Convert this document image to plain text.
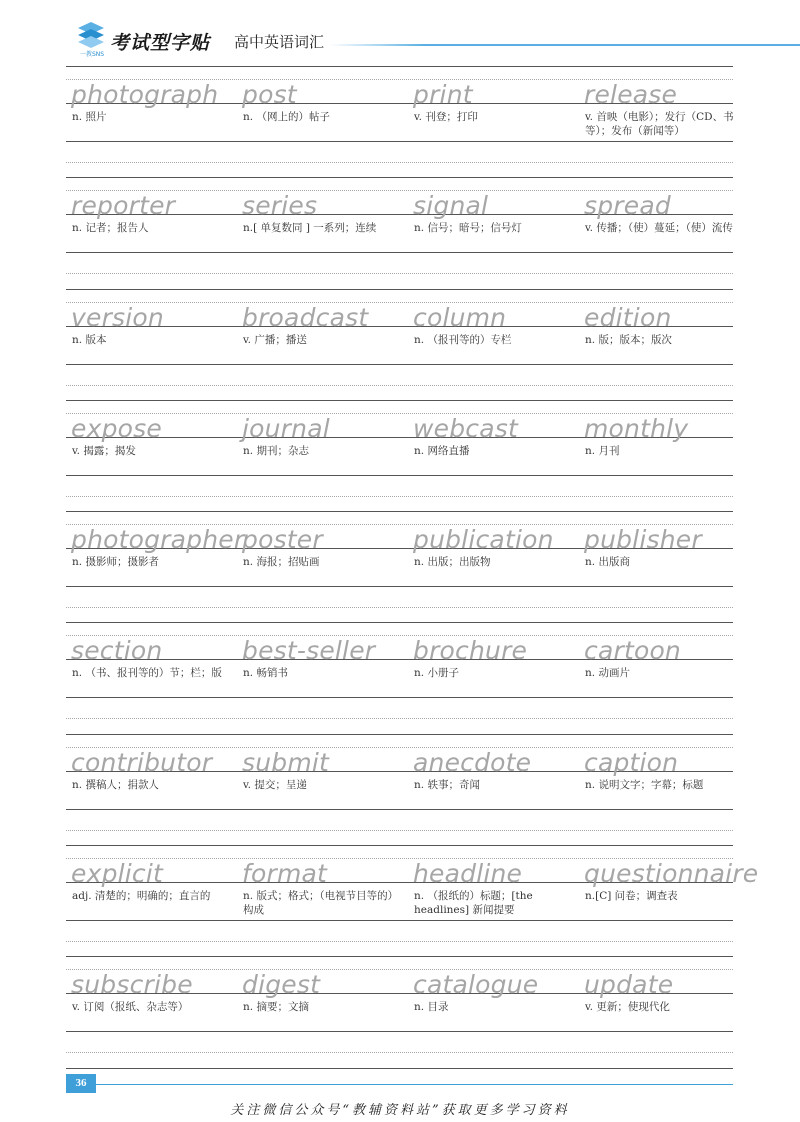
一教SNS
考试型字贴 高中英语词汇
photograph
n. 照片
post
n. （网上的）帖子
print
v. 刊登；打印
release
v. 首映（电影）；发行（CD、书等）；发布（新闻等）
reporter
n. 记者；报告人
series
n.[ 单复数同 ] 一系列；连续
signal
n. 信号；暗号；信号灯
spread
v. 传播；（使）蔓延；（使）流传
version
n. 版本
broadcast
v. 广播；播送
column
n. （报刊等的）专栏
edition
n. 版；版本；版次
expose
v. 揭露；揭发
journal
n. 期刊；杂志
webcast
n. 网络直播
monthly
n. 月刊
photographer
n. 摄影师；摄影者
poster
n. 海报；招贴画
publication
n. 出版；出版物
publisher
n. 出版商
section
n. （书、报刊等的）节；栏；版
best-seller
n. 畅销书
brochure
n. 小册子
cartoon
n. 动画片
contributor
n. 撰稿人；捐款人
submit
v. 提交；呈递
anecdote
n. 轶事；奇闻
caption
n. 说明文字；字幕；标题
explicit
adj. 清楚的；明确的；直言的
format
n. 版式；格式；（电视节目等的）构成
headline
n. （报纸的）标题；[the headlines] 新闻提要
questionnaire
n.[C] 问卷；调查表
subscribe
v. 订阅（报纸、杂志等）
digest
n. 摘要；文摘
catalogue
n. 目录
update
v. 更新；使现代化
36
关注微信公众号“教辅资料站”获取更多学习资料
